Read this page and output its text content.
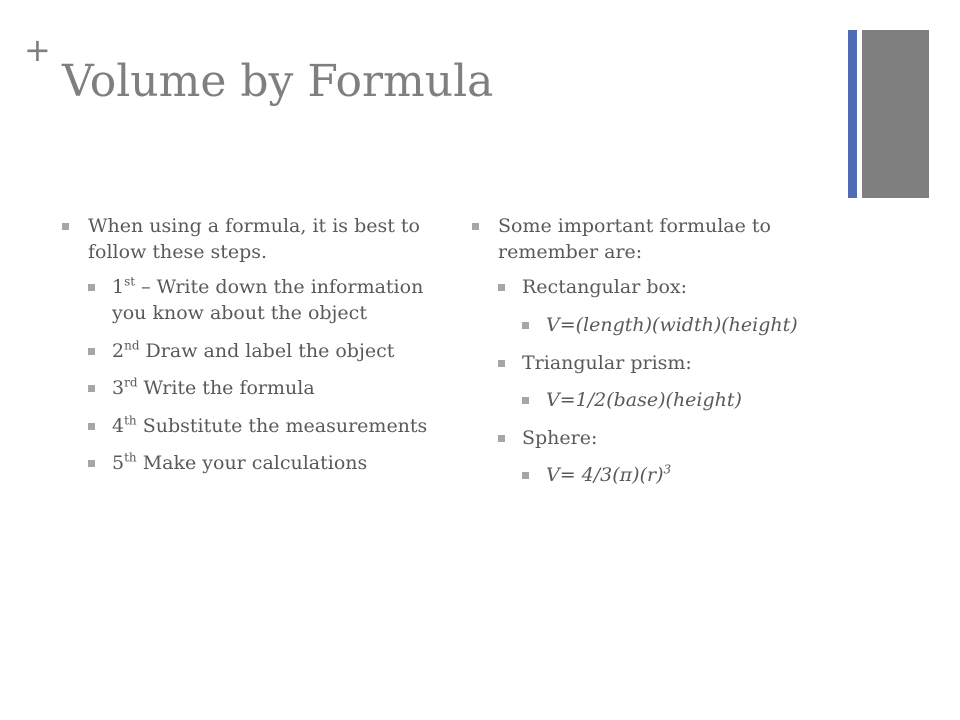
+
Volume by Formula
When using a formula, it is best to follow these steps.
1st – Write down the information you know about the object
2nd Draw and label the object
3rd Write the formula
4th Substitute the measurements
5th Make your calculations
Some important formulae to remember are:
Rectangular box:
V=(length)(width)(height)
Triangular prism:
V=1/2(base)(height)
Sphere:
$V= 4/3(\pi)(r)^3$
